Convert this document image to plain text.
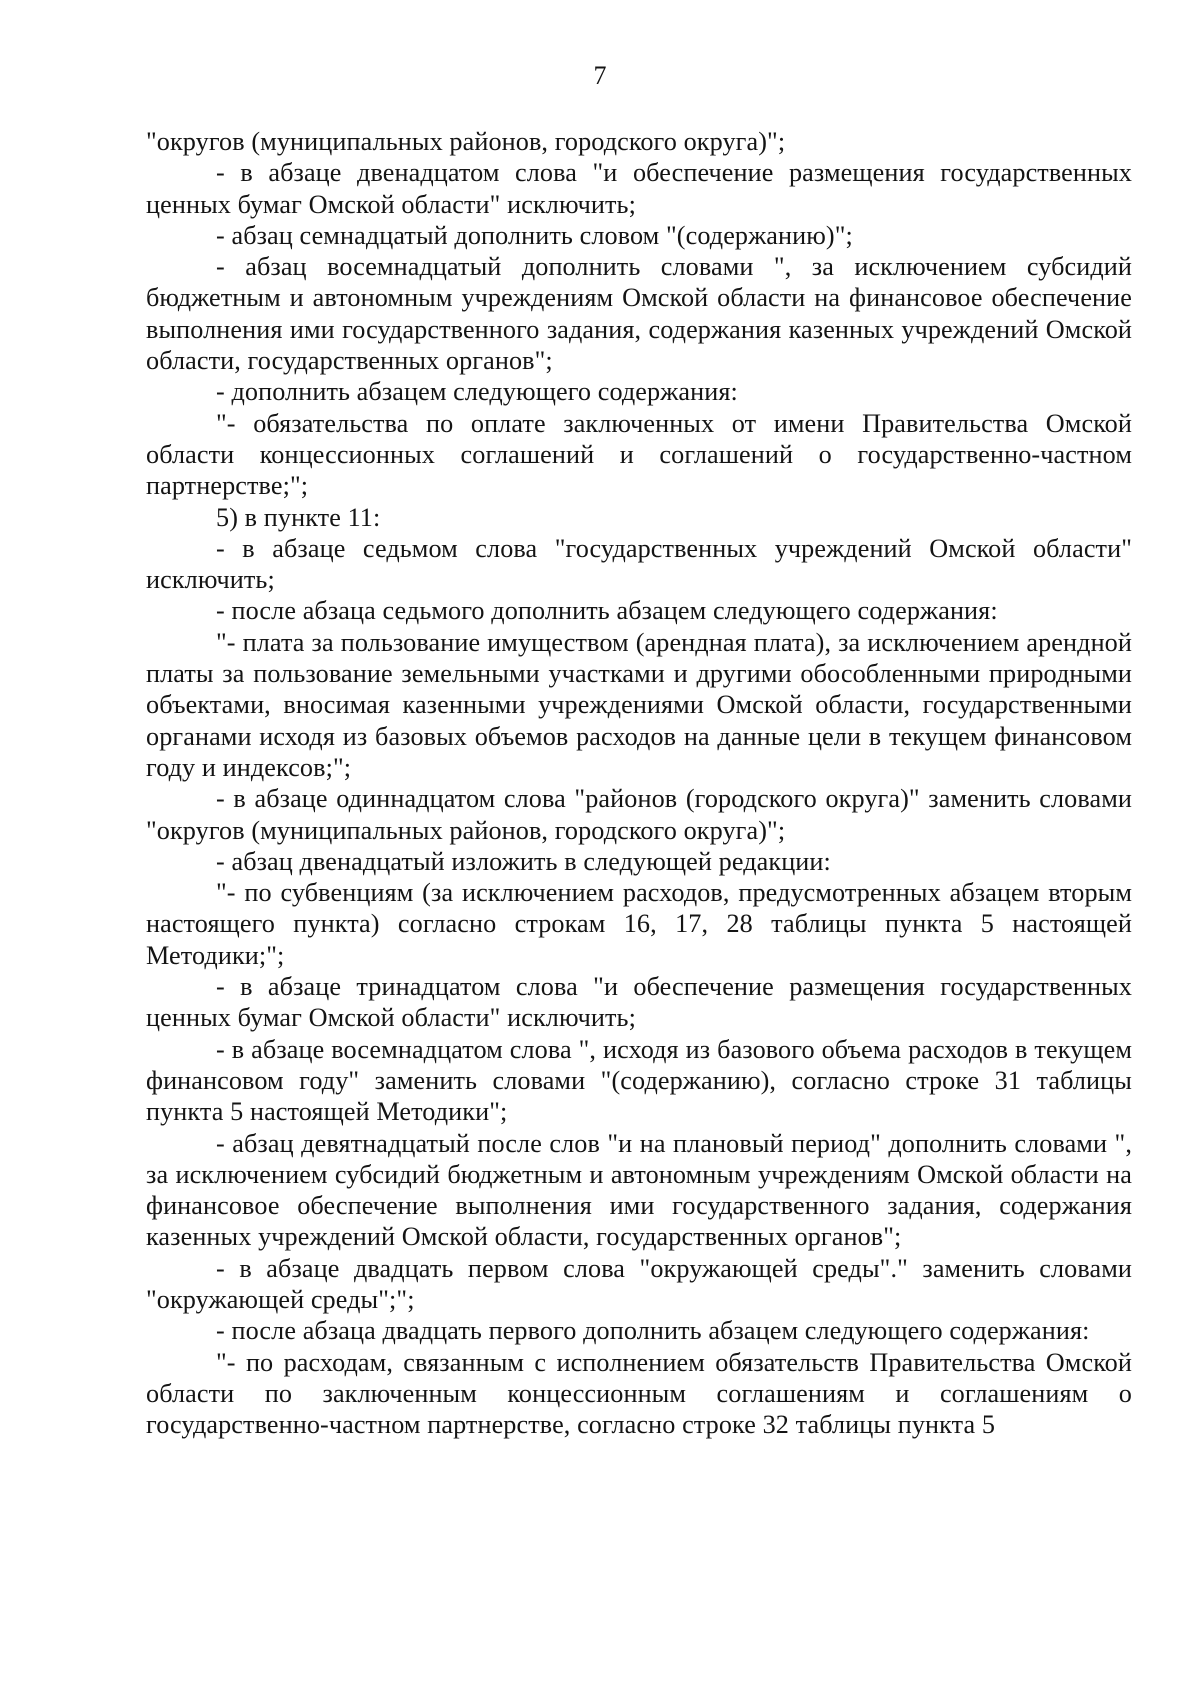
7

"округов (муниципальных районов, городского округа)";

- в абзаце двенадцатом слова "и обеспечение размещения государственных ценных бумаг Омской области" исключить;

- абзац семнадцатый дополнить словом "(содержанию)";

- абзац восемнадцатый дополнить словами ", за исключением субсидий бюджетным и автономным учреждениям Омской области на финансовое обеспечение выполнения ими государственного задания, содержания казенных учреждений Омской области, государственных органов";

- дополнить абзацем следующего содержания:

"- обязательства по оплате заключенных от имени Правительства Омской области концессионных соглашений и соглашений о государственно-частном партнерстве;";

5) в пункте 11:

- в абзаце седьмом слова "государственных учреждений Омской области" исключить;

- после абзаца седьмого дополнить абзацем следующего содержания:

"- плата за пользование имуществом (арендная плата), за исключением арендной платы за пользование земельными участками и другими обособленными природными объектами, вносимая казенными учреждениями Омской области, государственными органами исходя из базовых объемов расходов на данные цели в текущем финансовом году и индексов;";

- в абзаце одиннадцатом слова "районов (городского округа)" заменить словами "округов (муниципальных районов, городского округа)";

- абзац двенадцатый изложить в следующей редакции:

"- по субвенциям (за исключением расходов, предусмотренных абзацем вторым настоящего пункта) согласно строкам 16, 17, 28 таблицы пункта 5 настоящей Методики;";

- в абзаце тринадцатом слова "и обеспечение размещения государственных ценных бумаг Омской области" исключить;

- в абзаце восемнадцатом слова ", исходя из базового объема расходов в текущем финансовом году" заменить словами "(содержанию), согласно строке 31 таблицы пункта 5 настоящей Методики";

- абзац девятнадцатый после слов "и на плановый период" дополнить словами ", за исключением субсидий бюджетным и автономным учреждениям Омской области на финансовое обеспечение выполнения ими государственного задания, содержания казенных учреждений Омской области, государственных органов";

- в абзаце двадцать первом слова "окружающей среды"." заменить словами "окружающей среды";";

- после абзаца двадцать первого дополнить абзацем следующего содержания:

"- по расходам, связанным с исполнением обязательств Правительства Омской области по заключенным концессионным соглашениям и соглашениям о государственно-частном партнерстве, согласно строке 32 таблицы пункта 5
